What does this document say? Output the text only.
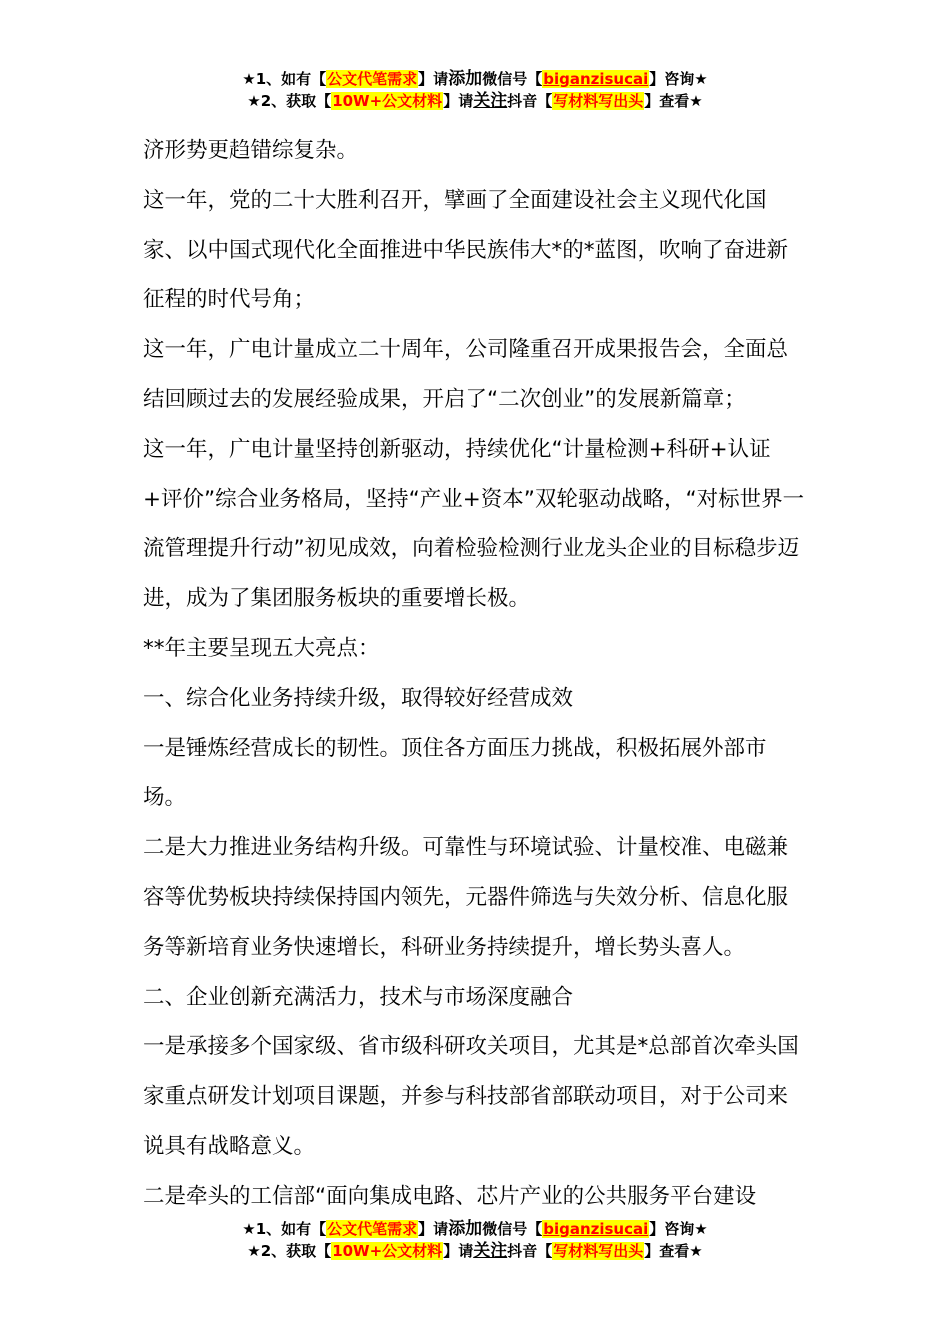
★1、如有【公文代笔需求】请添加微信号【biganzisucai】咨询★
★2、获取【10W+公文材料】请关注抖音【写材料写出头】查看★

济形势更趋错综复杂。

这一年，党的二十大胜利召开，擘画了全面建设社会主义现代化国家、以中国式现代化全面推进中华民族伟大*的*蓝图，吹响了奋进新征程的时代号角；

这一年，广电计量成立二十周年，公司隆重召开成果报告会，全面总结回顾过去的发展经验成果，开启了“二次创业”的发展新篇章；

这一年，广电计量坚持创新驱动，持续优化“计量检测+科研+认证+评价”综合业务格局，坚持“产业+资本”双轮驱动战略，“对标世界一流管理提升行动”初见成效，向着检验检测行业龙头企业的目标稳步迈进，成为了集团服务板块的重要增长极。

**年主要呈现五大亮点：

一、综合化业务持续升级，取得较好经营成效

一是锤炼经营成长的韧性。顶住各方面压力挑战，积极拓展外部市场。

二是大力推进业务结构升级。可靠性与环境试验、计量校准、电磁兼容等优势板块持续保持国内领先，元器件筛选与失效分析、信息化服务等新培育业务快速增长，科研业务持续提升，增长势头喜人。

二、企业创新充满活力，技术与市场深度融合

一是承接多个国家级、省市级科研攻关项目，尤其是*总部首次牵头国家重点研发计划项目课题，并参与科技部省部联动项目，对于公司来说具有战略意义。

二是牵头的工信部“面向集成电路、芯片产业的公共服务平台建设

★1、如有【公文代笔需求】请添加微信号【biganzisucai】咨询★
★2、获取【10W+公文材料】请关注抖音【写材料写出头】查看★
